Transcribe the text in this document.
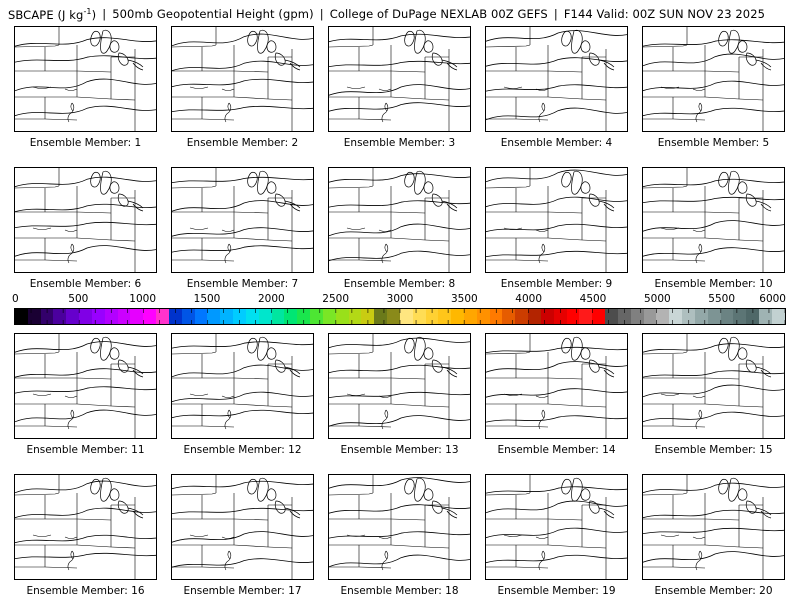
SBCAPE (J $kg^{-1}$) | 500mb Geopotential Height (gpm) | College of DuPage NEXLAB 00Z GEFS | F144 Valid: 00Z SUN NOV 23 2025
Ensemble Member: 1	Ensemble Member: 2	Ensemble Member: 3	Ensemble Member: 4	Ensemble Member: 5
Ensemble Member: 6	Ensemble Member: 7	Ensemble Member: 8	Ensemble Member: 9	Ensemble Member: 10
Ensemble Member: 11	Ensemble Member: 12	Ensemble Member: 13	Ensemble Member: 14	Ensemble Member: 15
Ensemble Member: 16	Ensemble Member: 17	Ensemble Member: 18	Ensemble Member: 19	Ensemble Member: 20
0	500	1000	1500	2000	2500	3000	3500	4000	4500	5000	5500 6000
